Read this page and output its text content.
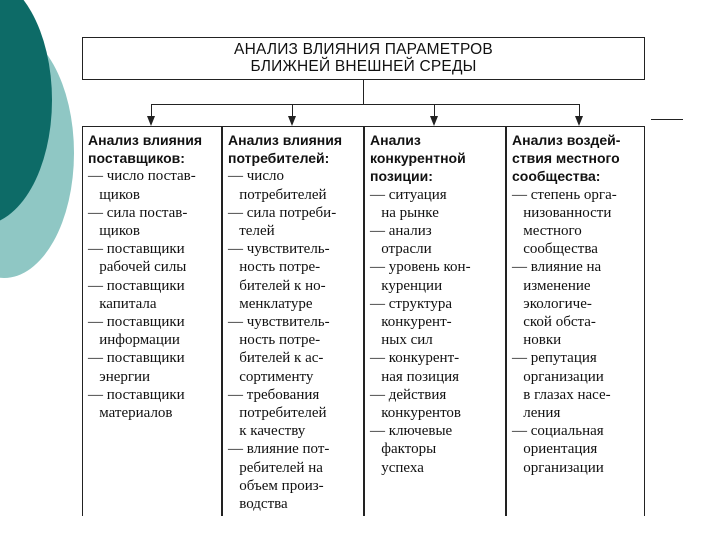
АНАЛИЗ ВЛИЯНИЯ ПАРАМЕТРОВ
БЛИЖНЕЙ ВНЕШНЕЙ СРЕДЫ
Анализ влияния
поставщиков:
— число постав-
щиков
— сила постав-
щиков
— поставщики
рабочей силы
— поставщики
капитала
— поставщики
информации
— поставщики
энергии
— поставщики
материалов
Анализ влияния
потребителей:
— число
потребителей
— сила потреби-
телей
— чувствитель-
ность потре-
бителей к но-
менклатуре
— чувствитель-
ность потре-
бителей к ас-
сортименту
— требования
потребителей
к качеству
— влияние пот-
ребителей на
объем произ-
водства
Анализ
конкурентной
позиции:
— ситуация
на рынке
— анализ
отрасли
— уровень кон-
куренции
— структура
конкурент-
ных сил
— конкурент-
ная позиция
— действия
конкурентов
— ключевые
факторы
успеха
Анализ воздей-
ствия местного
сообщества:
— степень орга-
низованности
местного
сообщества
— влияние на
изменение
экологиче-
ской обста-
новки
— репутация
организации
в глазах насе-
ления
— социальная
ориентация
организации
